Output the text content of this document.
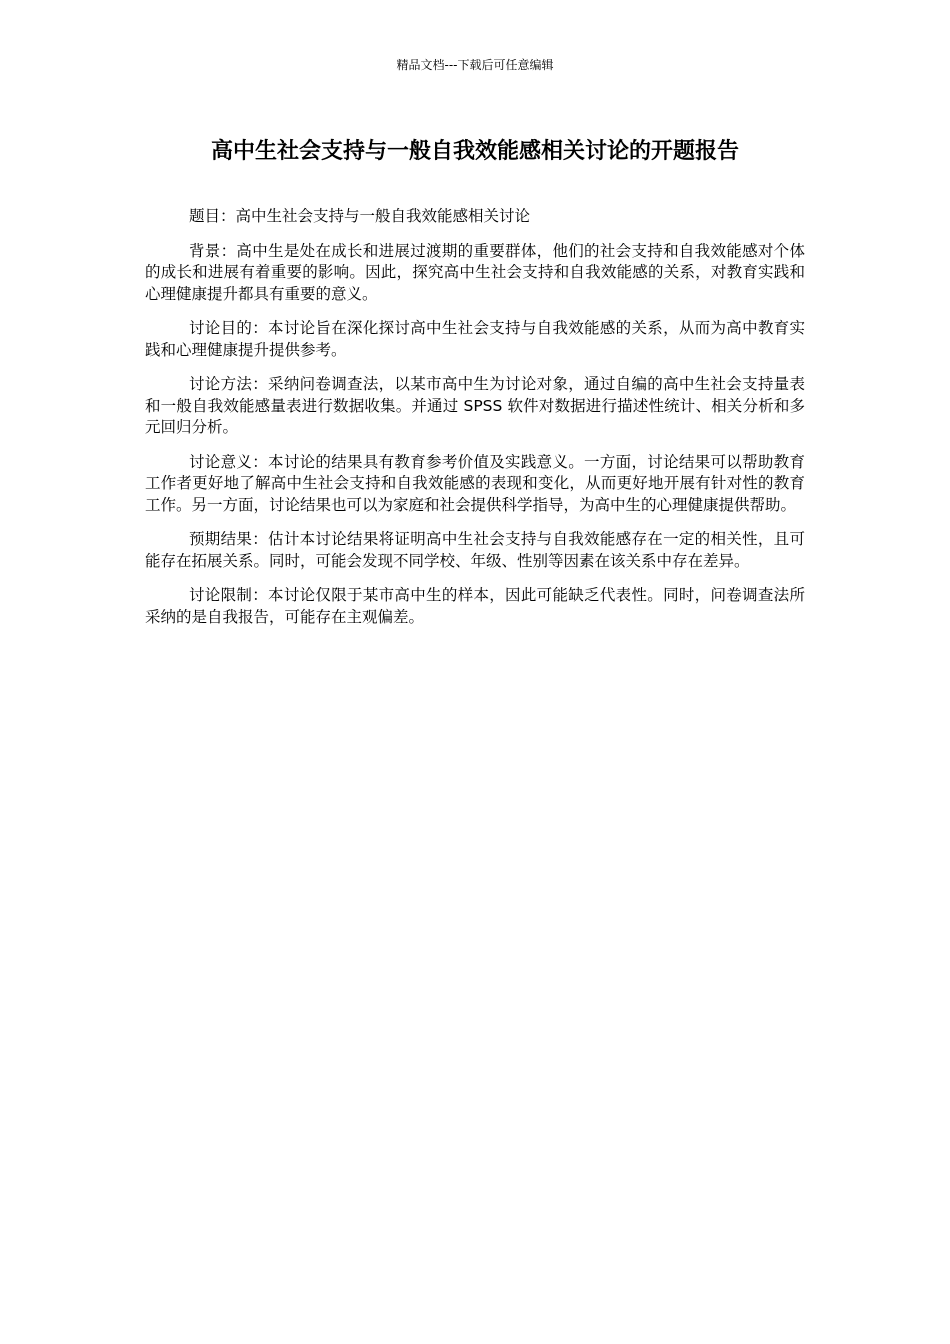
精品文档---下载后可任意编辑
高中生社会支持与一般自我效能感相关讨论的开题报告

题目：高中生社会支持与一般自我效能感相关讨论

背景：高中生是处在成长和进展过渡期的重要群体，他们的社会支持和自我效能感对个体的成长和进展有着重要的影响。因此，探究高中生社会支持和自我效能感的关系，对教育实践和心理健康提升都具有重要的意义。

讨论目的：本讨论旨在深化探讨高中生社会支持与自我效能感的关系，从而为高中教育实践和心理健康提升提供参考。

讨论方法：采纳问卷调查法，以某市高中生为讨论对象，通过自编的高中生社会支持量表和一般自我效能感量表进行数据收集。并通过 SPSS 软件对数据进行描述性统计、相关分析和多元回归分析。

讨论意义：本讨论的结果具有教育参考价值及实践意义。一方面，讨论结果可以帮助教育工作者更好地了解高中生社会支持和自我效能感的表现和变化，从而更好地开展有针对性的教育工作。另一方面，讨论结果也可以为家庭和社会提供科学指导，为高中生的心理健康提供帮助。

预期结果：估计本讨论结果将证明高中生社会支持与自我效能感存在一定的相关性，且可能存在拓展关系。同时，可能会发现不同学校、年级、性别等因素在该关系中存在差异。

讨论限制：本讨论仅限于某市高中生的样本，因此可能缺乏代表性。同时，问卷调查法所采纳的是自我报告，可能存在主观偏差。
